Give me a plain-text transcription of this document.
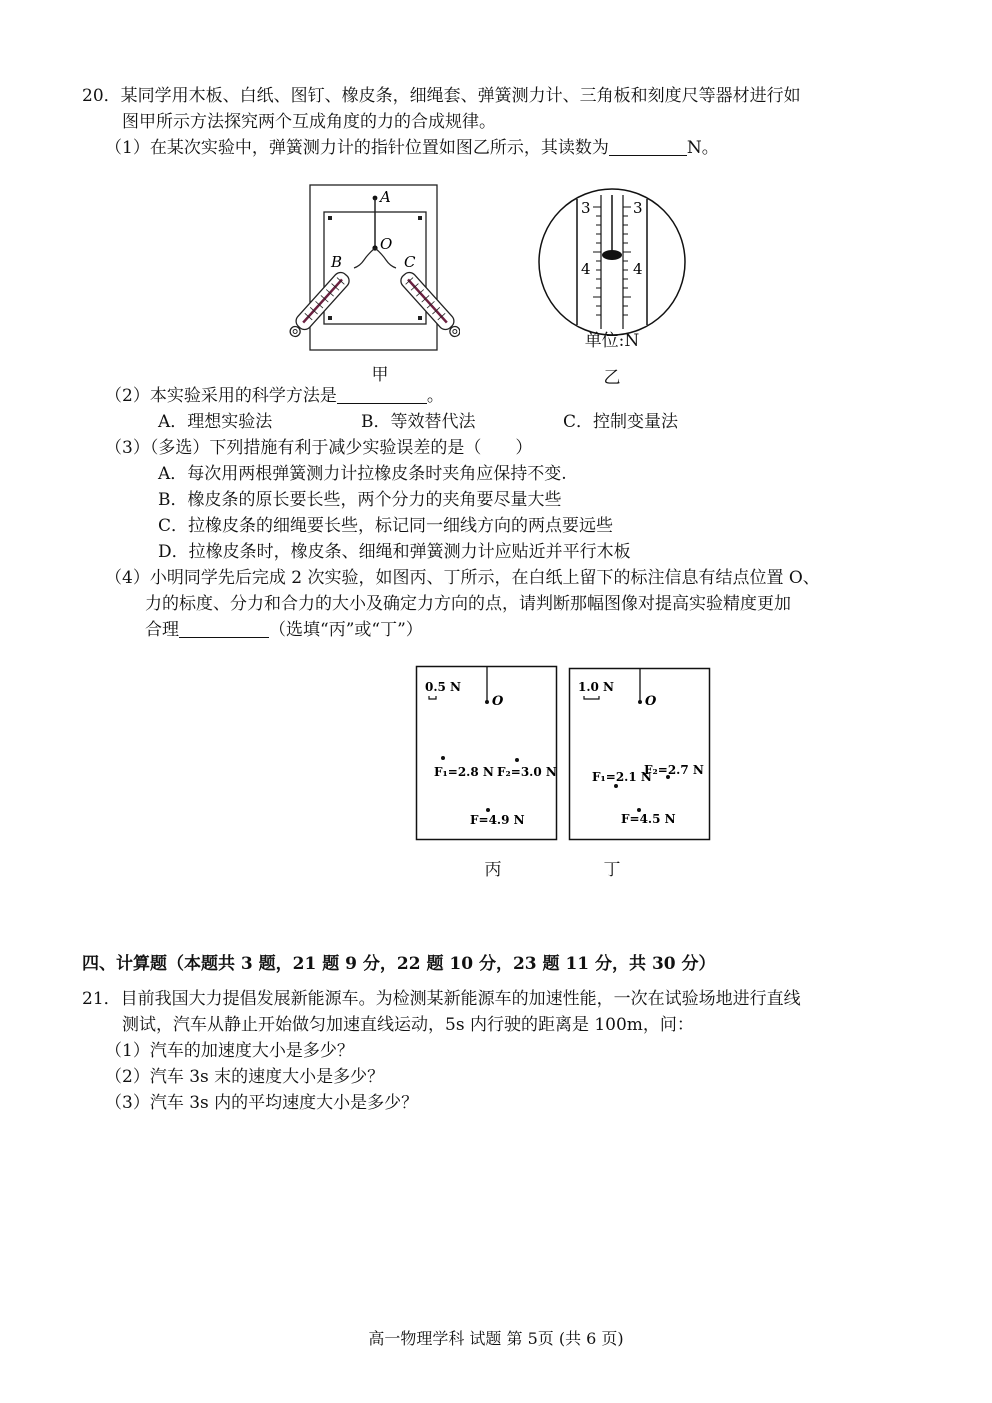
20．某同学用木板、白纸、图钉、橡皮条，细绳套、弹簧测力计、三角板和刻度尺等器材进行如
图甲所示方法探究两个互成角度的力的合成规律。
（1）在某次实验中，弹簧测力计的指针位置如图乙所示，其读数为	N。
A
O
B	C
甲
3	3
4	4
单位:N
乙
（2）本实验采用的科学方法是	。
A．理想实验法	B．等效替代法	C．控制变量法
（3）（多选）下列措施有利于减少实验误差的是（　　）
A．每次用两根弹簧测力计拉橡皮条时夹角应保持不变.
B．橡皮条的原长要长些，两个分力的夹角要尽量大些
C．拉橡皮条的细绳要长些，标记同一细线方向的两点要远些
D．拉橡皮条时，橡皮条、细绳和弹簧测力计应贴近并平行木板
（4）小明同学先后完成 2 次实验，如图丙、丁所示，在白纸上留下的标注信息有结点位置 O、
力的标度、分力和合力的大小及确定力方向的点，请判断那幅图像对提高实验精度更加
合理	（选填“丙”或“丁”）
0.5 N
O
F₁=2.8 N F₂=3.0 N
F=4.9 N
丙
1.0 N
O
F₁=2.1 N
F₂=2.7 N
F=4.5 N
丁
四、计算题（本题共 3 题，21 题 9 分，22 题 10 分，23 题 11 分，共 30 分）
21．目前我国大力提倡发展新能源车。为检测某新能源车的加速性能，一次在试验场地进行直线
测试，汽车从静止开始做匀加速直线运动，5s 内行驶的距离是 100m，问：
（1）汽车的加速度大小是多少？
（2）汽车 3s 末的速度大小是多少？
（3）汽车 3s 内的平均速度大小是多少？
高一物理学科 试题 第 5页 (共 6 页)
